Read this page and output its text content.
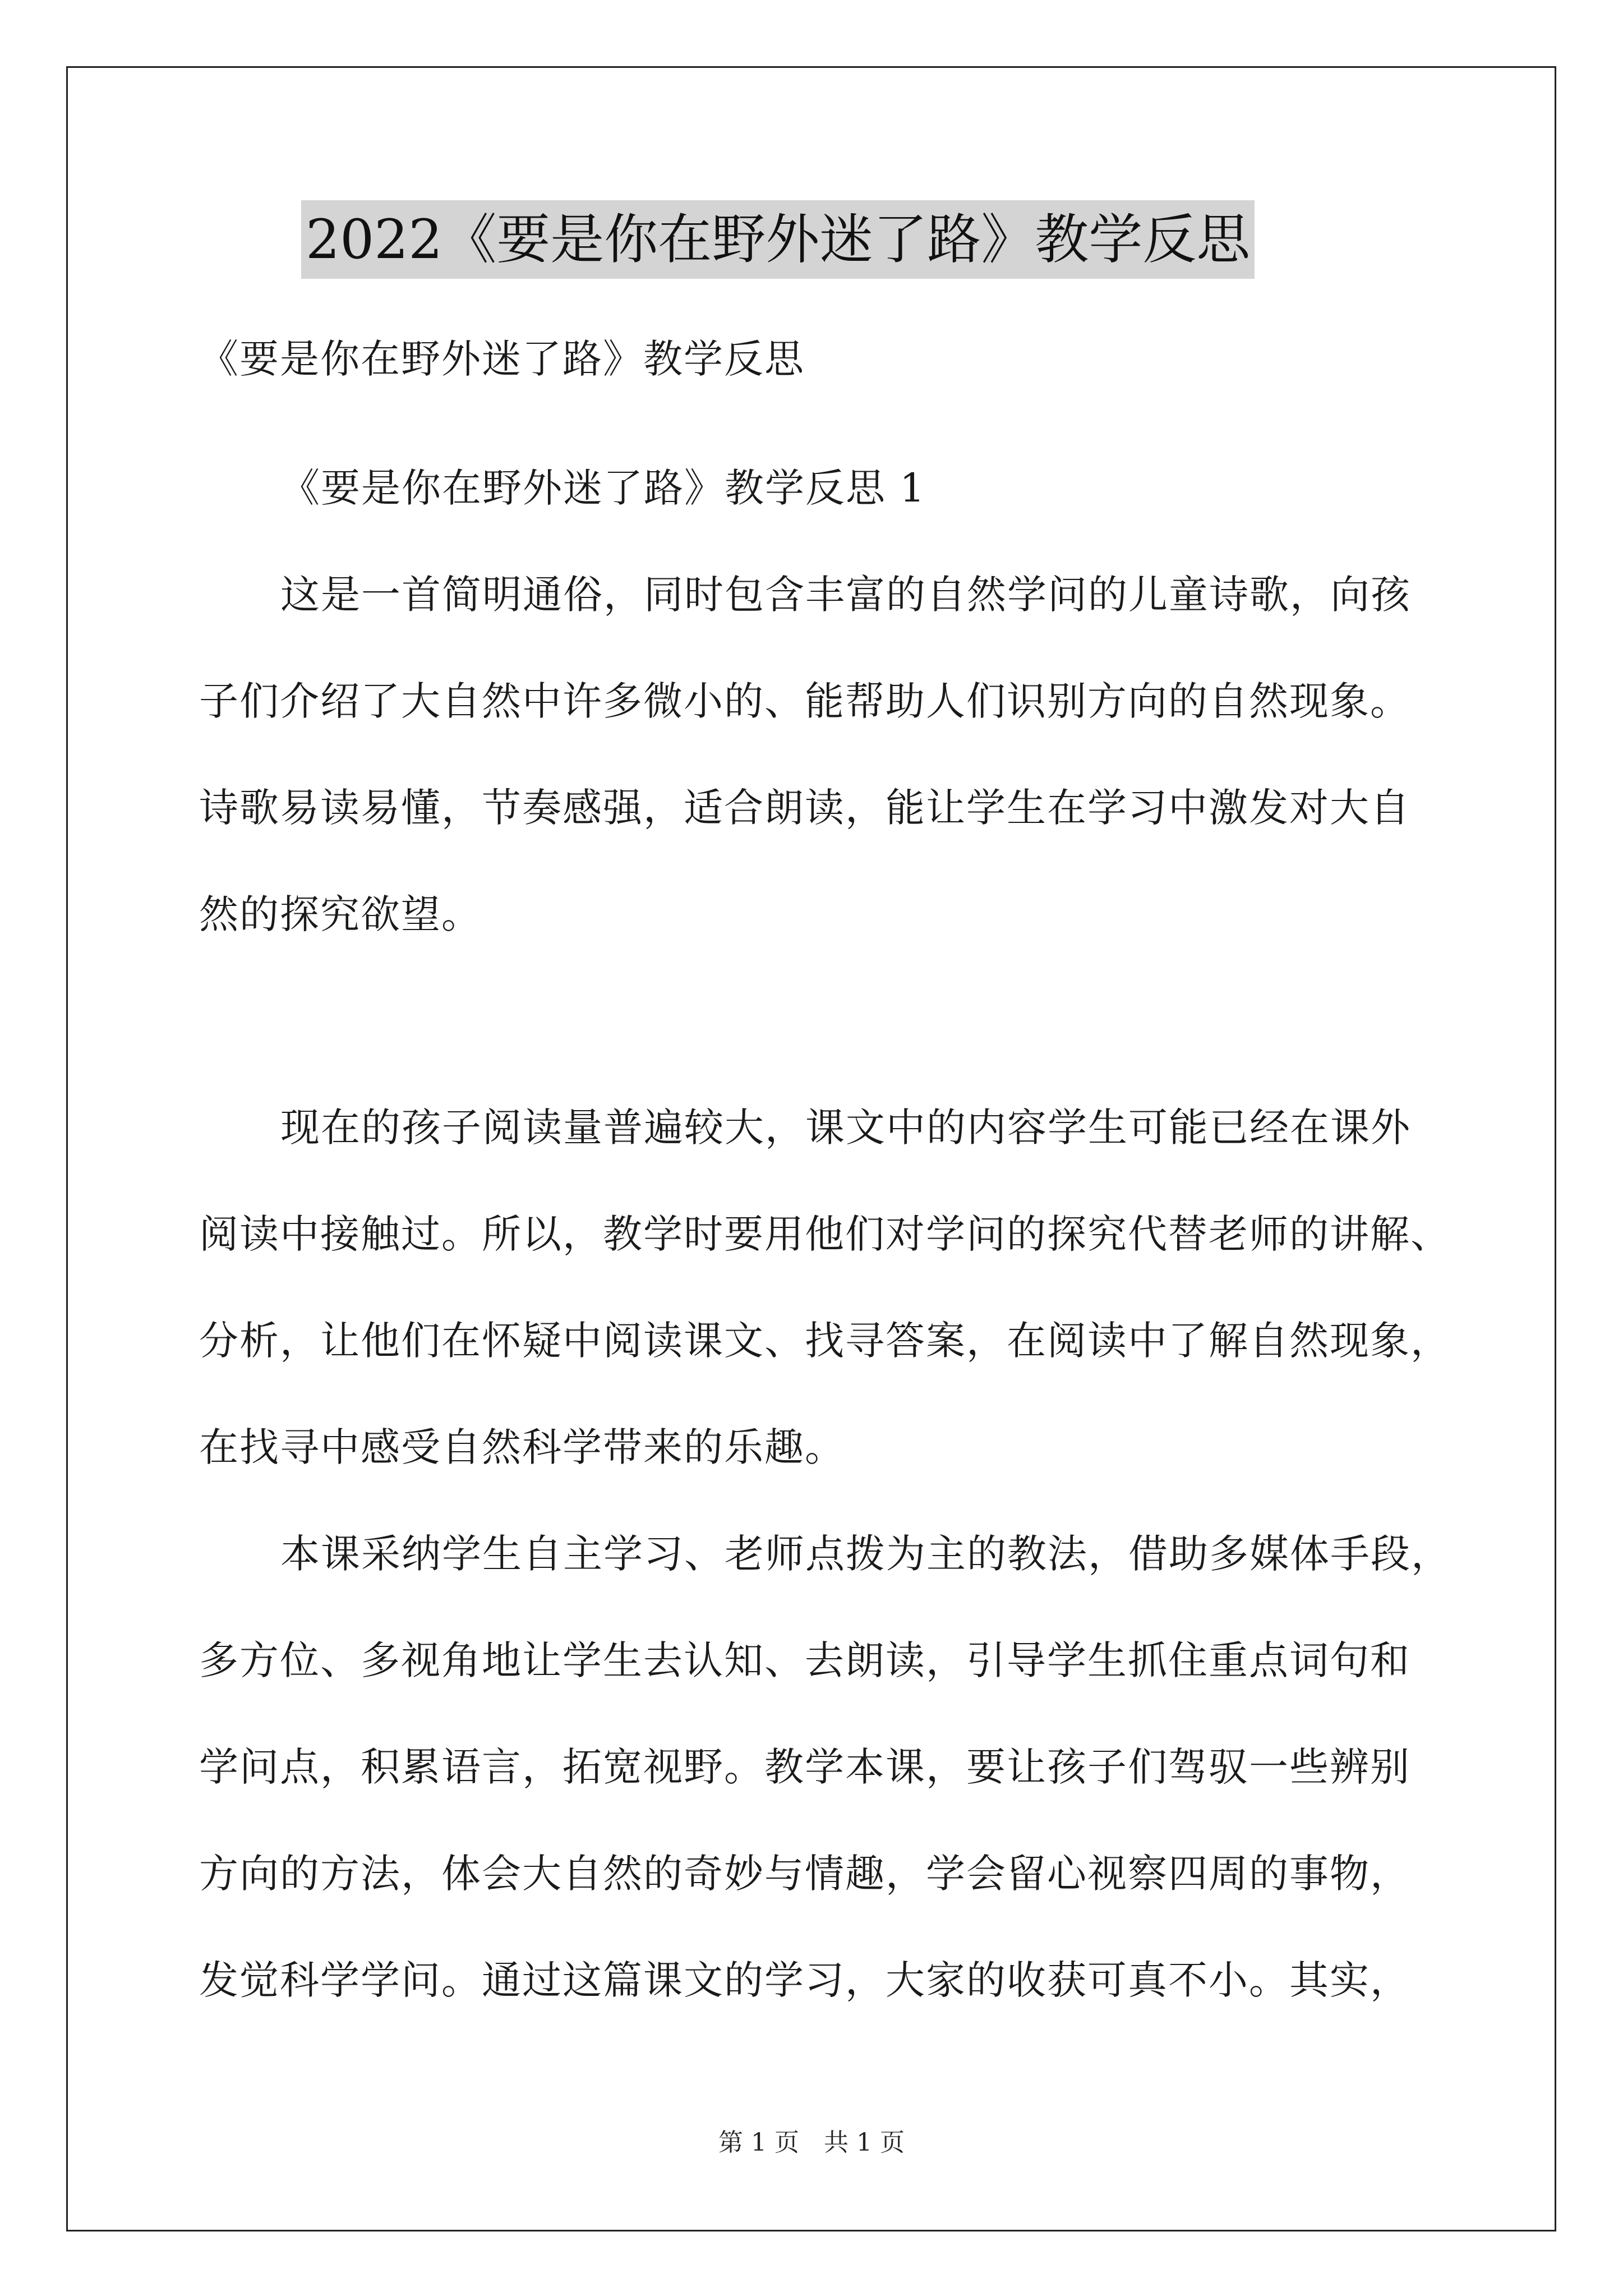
2022《要是你在野外迷了路》教学反思
《要是你在野外迷了路》教学反思
《要是你在野外迷了路》教学反思 1
这是一首简明通俗，同时包含丰富的自然学问的儿童诗歌，向孩
子们介绍了大自然中许多微小的、能帮助人们识别方向的自然现象。
诗歌易读易懂，节奏感强，适合朗读，能让学生在学习中激发对大自
然的探究欲望。
现在的孩子阅读量普遍较大，课文中的内容学生可能已经在课外
阅读中接触过。所以，教学时要用他们对学问的探究代替老师的讲解、
分析，让他们在怀疑中阅读课文、找寻答案，在阅读中了解自然现象，
在找寻中感受自然科学带来的乐趣。
本课采纳学生自主学习、老师点拨为主的教法，借助多媒体手段，
多方位、多视角地让学生去认知、去朗读，引导学生抓住重点词句和
学问点，积累语言，拓宽视野。教学本课，要让孩子们驾驭一些辨别
方向的方法，体会大自然的奇妙与情趣，学会留心视察四周的事物，
发觉科学学问。通过这篇课文的学习，大家的收获可真不小。其实，
第 1 页　共 1 页
